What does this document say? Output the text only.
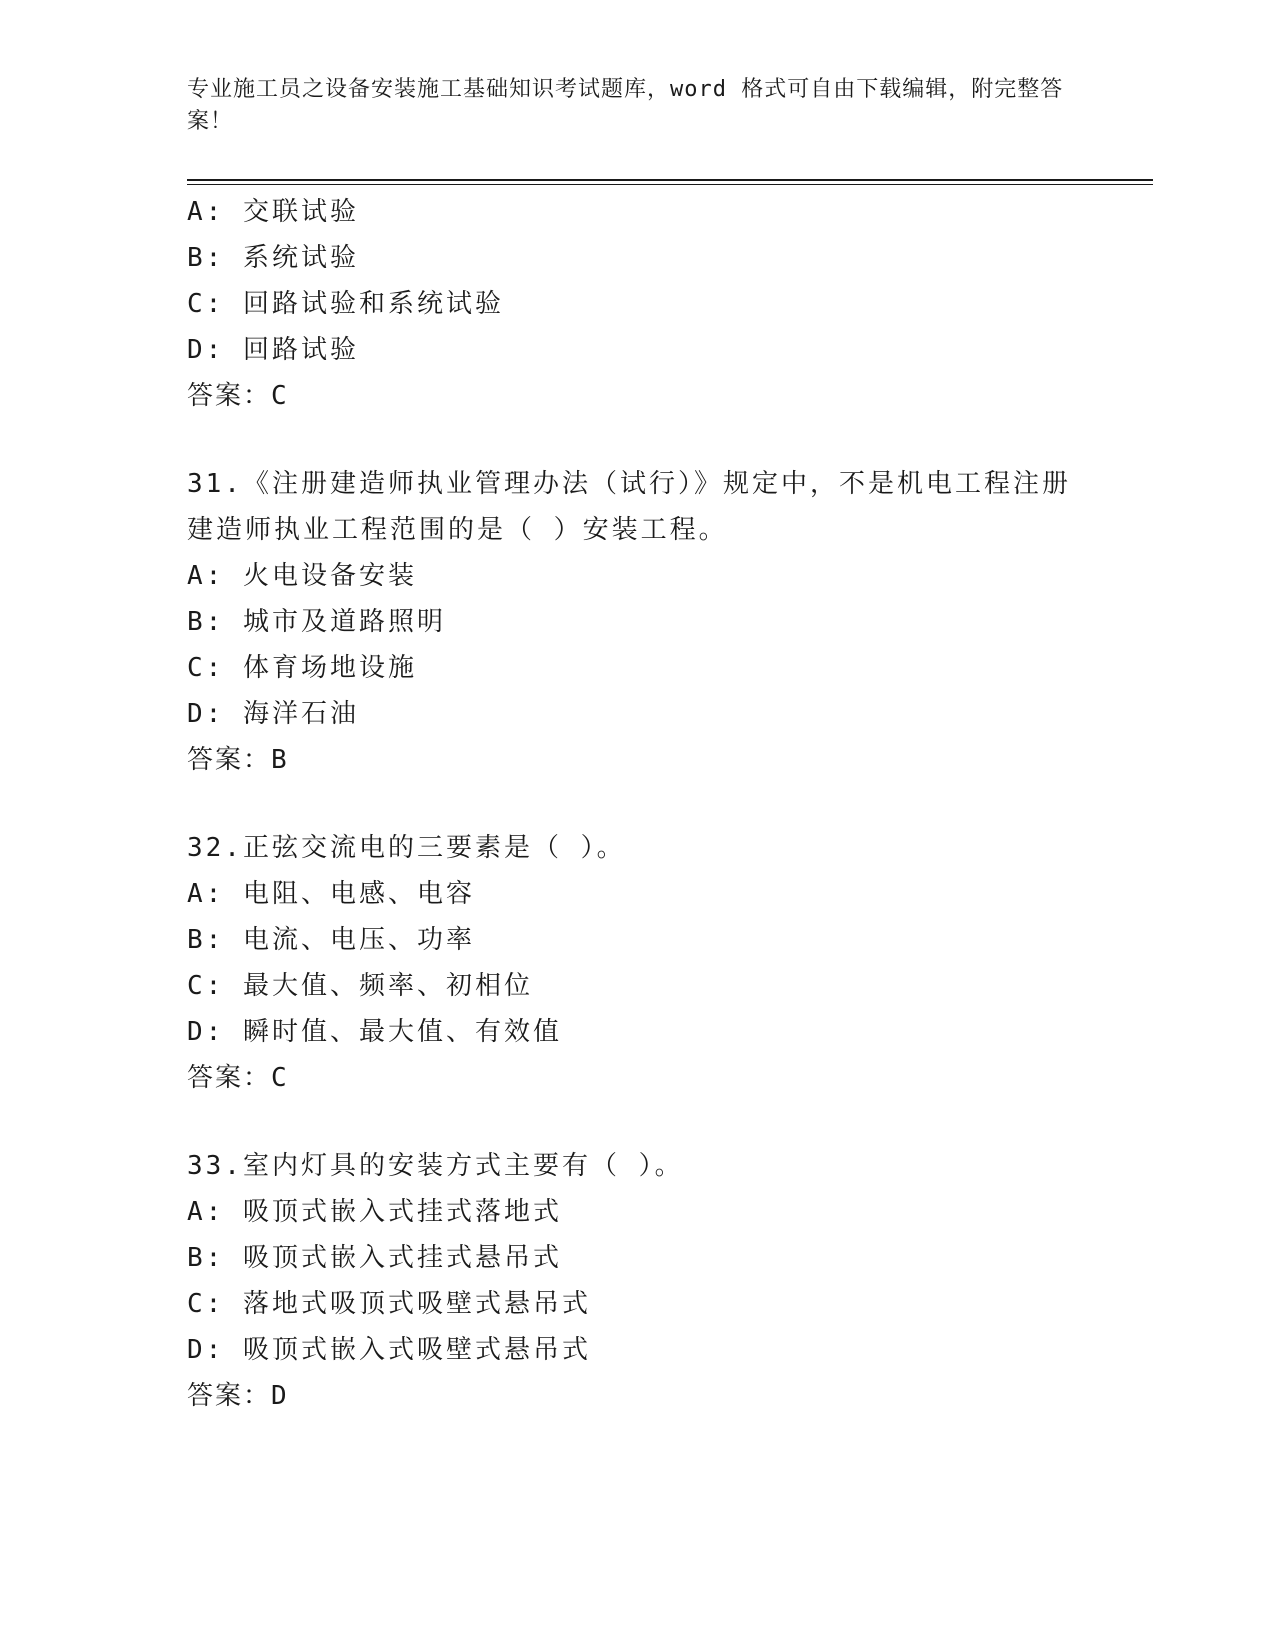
专业施工员之设备安装施工基础知识考试题库，word 格式可自由下载编辑，附完整答案！
A: 交联试验
B: 系统试验
C: 回路试验和系统试验
D: 回路试验
答案：C
31.《注册建造师执业管理办法（试行）》规定中，不是机电工程注册
建造师执业工程范围的是（ ）安装工程。
A: 火电设备安装
B: 城市及道路照明
C: 体育场地设施
D: 海洋石油
答案：B
32.正弦交流电的三要素是（ ）。
A: 电阻、电感、电容
B: 电流、电压、功率
C: 最大值、频率、初相位
D: 瞬时值、最大值、有效值
答案：C
33.室内灯具的安装方式主要有（ ）。
A: 吸顶式嵌入式挂式落地式
B: 吸顶式嵌入式挂式悬吊式
C: 落地式吸顶式吸壁式悬吊式
D: 吸顶式嵌入式吸壁式悬吊式
答案：D
